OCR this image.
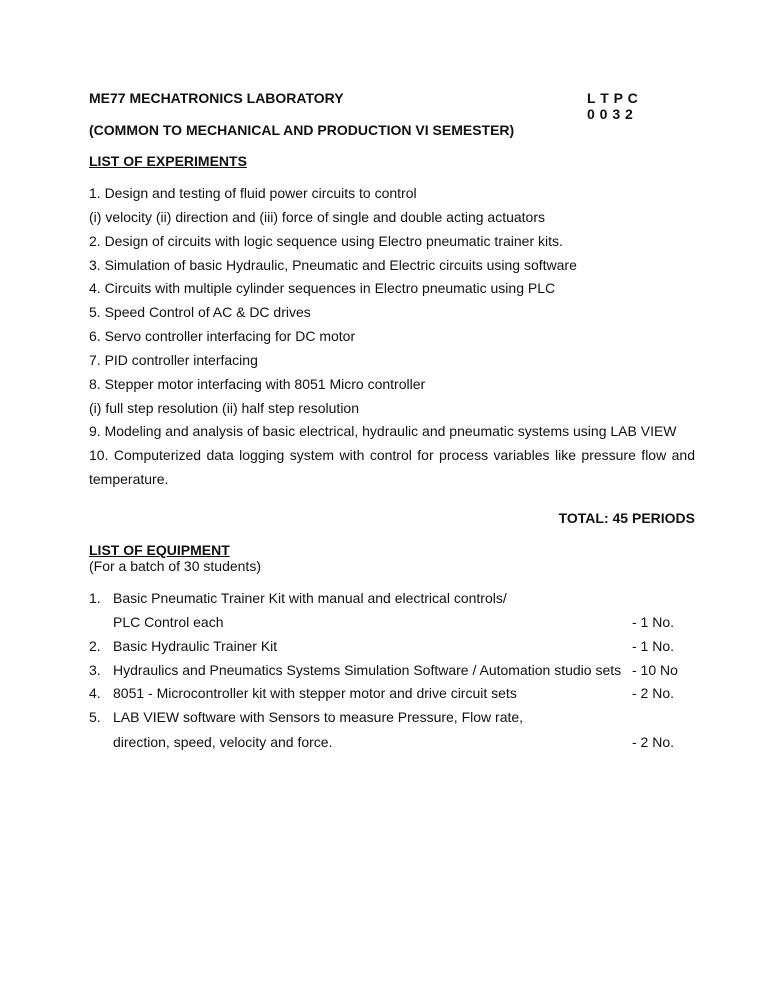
ME77 MECHATRONICS LABORATORY	L T P C
0 0 3 2
(COMMON TO MECHANICAL AND PRODUCTION VI SEMESTER)
LIST OF EXPERIMENTS
1. Design and testing of fluid power circuits to control
(i) velocity (ii) direction and (iii) force of single and double acting actuators
2. Design of circuits with logic sequence using Electro pneumatic trainer kits.
3. Simulation of basic Hydraulic, Pneumatic and Electric circuits using software
4. Circuits with multiple cylinder sequences in Electro pneumatic using PLC
5. Speed Control of AC & DC drives
6. Servo controller interfacing for DC motor
7. PID controller interfacing
8. Stepper motor interfacing with 8051 Micro controller
(i) full step resolution (ii) half step resolution
9. Modeling and analysis of basic electrical, hydraulic and pneumatic systems using LAB VIEW
10. Computerized data logging system with control for process variables like pressure flow and
temperature.
TOTAL: 45 PERIODS
LIST OF EQUIPMENT
(For a batch of 30 students)
1. Basic Pneumatic Trainer Kit with manual and electrical controls/
PLC Control each	- 1 No.
2. Basic Hydraulic Trainer Kit	- 1 No.
3. Hydraulics and Pneumatics Systems Simulation Software / Automation studio sets - 10 No
4. 8051 - Microcontroller kit with stepper motor and drive circuit sets	- 2 No.
5. LAB VIEW software with Sensors to measure Pressure, Flow rate,
direction, speed, velocity and force.	- 2 No.
